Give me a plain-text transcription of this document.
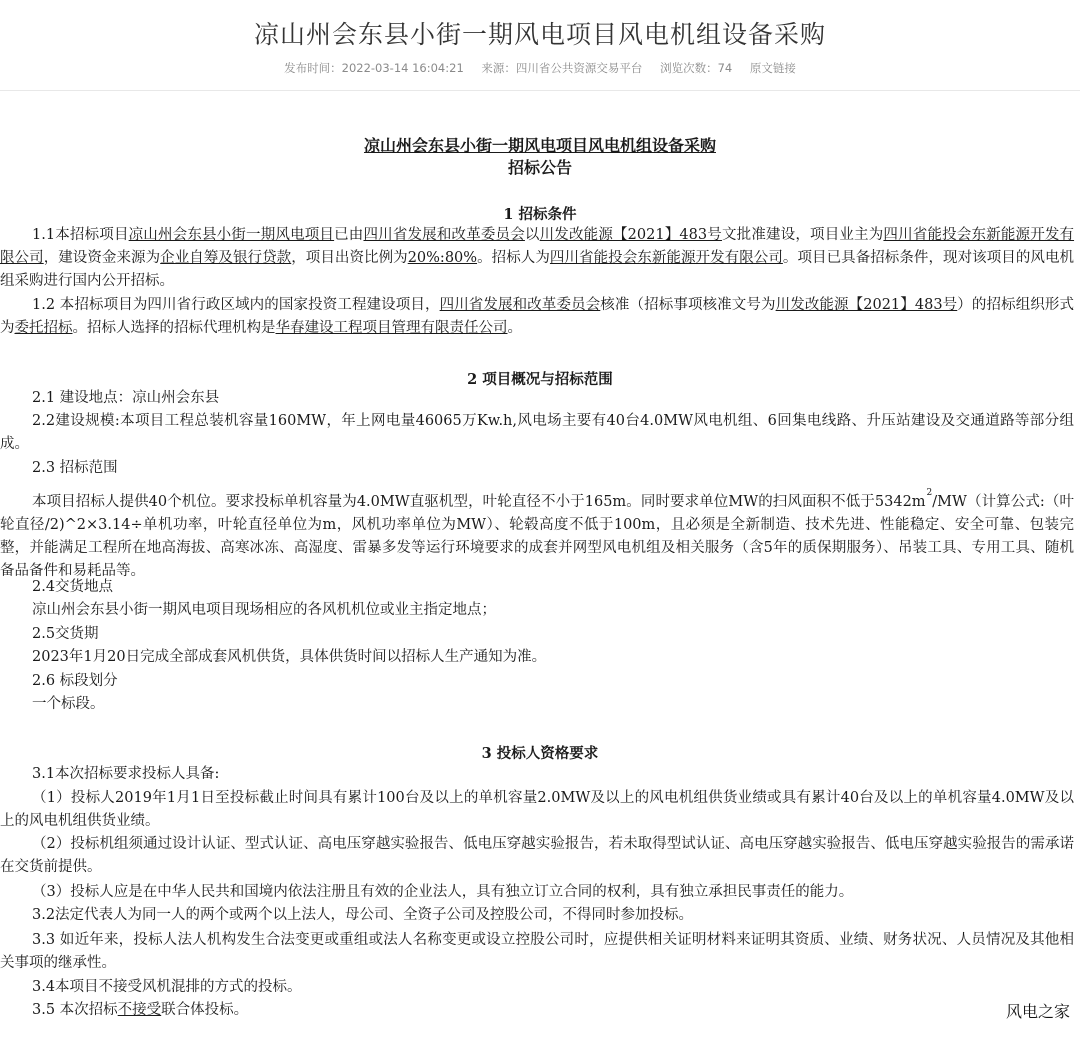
凉山州会东县小街一期风电项目风电机组设备采购
发布时间：2022-03-14 16:04:21 来源：四川省公共资源交易平台 浏览次数：74 原文链接
凉山州会东县小街一期风电项目风电机组设备采购
招标公告
1 招标条件
1.1本招标项目凉山州会东县小街一期风电项目已由四川省发展和改革委员会以川发改能源【2021】483号文批准建设，项目业主为四川省能投会东新能源开发有限公司，建设资金来源为企业自筹及银行贷款，项目出资比例为20%:80%。招标人为四川省能投会东新能源开发有限公司。项目已具备招标条件，现对该项目的风电机组采购进行国内公开招标。
1.2 本招标项目为四川省行政区域内的国家投资工程建设项目，四川省发展和改革委员会核准（招标事项核准文号为川发改能源【2021】483号）的招标组织形式为委托招标。招标人选择的招标代理机构是华春建设工程项目管理有限责任公司。
2 项目概况与招标范围
2.1 建设地点：凉山州会东县
2.2建设规模:本项目工程总装机容量160MW，年上网电量46065万Kw.h,风电场主要有40台4.0MW风电机组、6回集电线路、升压站建设及交通道路等部分组成。
2.3 招标范围
本项目招标人提供40个机位。要求投标单机容量为4.0MW直驱机型，叶轮直径不小于165m。同时要求单位MW的扫风面积不低于$5342m^2/MW$（计算公式:（叶轮直径/2)^2×3.14÷单机功率，叶轮直径单位为m，风机功率单位为MW）、轮毂高度不低于100m，且必须是全新制造、技术先进、性能稳定、安全可靠、包装完整，并能满足工程所在地高海拔、高寒冰冻、高湿度、雷暴多发等运行环境要求的成套并网型风电机组及相关服务（含5年的质保期服务）、吊装工具、专用工具、随机备品备件和易耗品等。
2.4交货地点
凉山州会东县小街一期风电项目现场相应的各风机机位或业主指定地点；
2.5交货期
2023年1月20日完成全部成套风机供货，具体供货时间以招标人生产通知为准。
2.6 标段划分
一个标段。
3 投标人资格要求
3.1本次招标要求投标人具备:
（1）投标人2019年1月1日至投标截止时间具有累计100台及以上的单机容量2.0MW及以上的风电机组供货业绩或具有累计40台及以上的单机容量4.0MW及以上的风电机组供货业绩。
（2）投标机组须通过设计认证、型式认证、高电压穿越实验报告、低电压穿越实验报告，若未取得型试认证、高电压穿越实验报告、低电压穿越实验报告的需承诺在交货前提供。
（3）投标人应是在中华人民共和国境内依法注册且有效的企业法人，具有独立订立合同的权利，具有独立承担民事责任的能力。
3.2法定代表人为同一人的两个或两个以上法人，母公司、全资子公司及控股公司，不得同时参加投标。
3.3 如近年来，投标人法人机构发生合法变更或重组或法人名称变更或设立控股公司时，应提供相关证明材料来证明其资质、业绩、财务状况、人员情况及其他相关事项的继承性。
3.4本项目不接受风机混排的方式的投标。
3.5 本次招标不接受联合体投标。	风电之家
